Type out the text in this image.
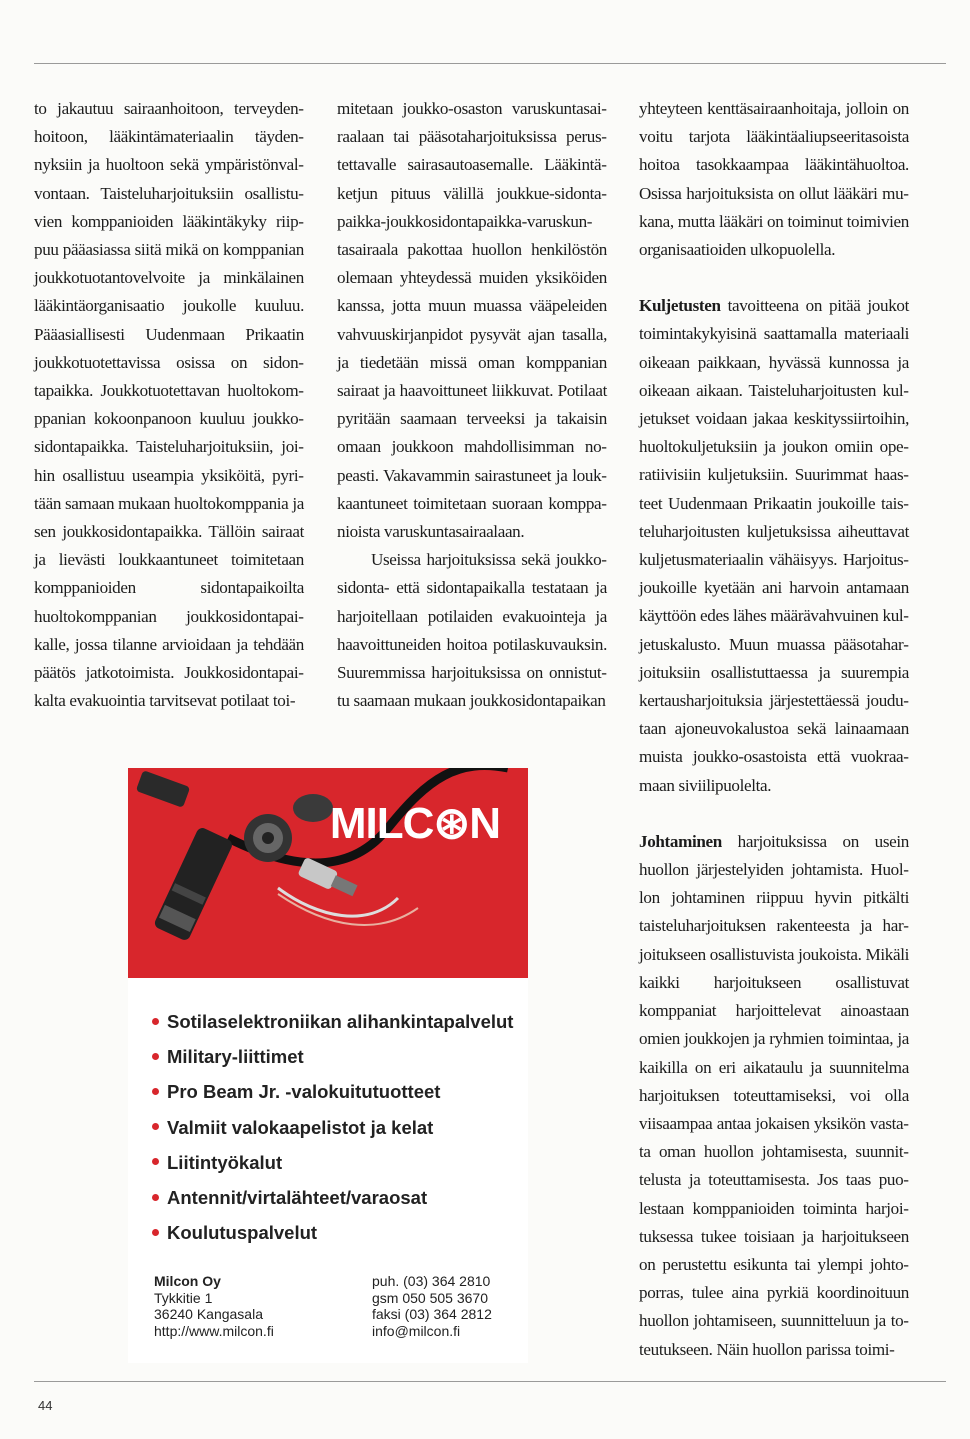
to jakautuu sairaanhoitoon, terveydenhoitoon, lääkintämateriaalin täydennyksiin ja huoltoon sekä ympäristönvalvontaan. Taisteluharjoituksiin osallistuvien komppanioiden lääkintäkyky riippuu pääasiassa siitä mikä on komppanian joukkotuotantovelvoite ja minkälainen lääkintäorganisaatio joukolle kuuluu. Pääasiallisesti Uudenmaan Prikaatin joukkotuotettavissa osissa on sidontapaikka. Joukkotuotettavan huoltokomppanian kokoonpanoon kuuluu joukkosidontapaikka. Taisteluharjoituksiin, joihin osallistuu useampia yksiköitä, pyritään samaan mukaan huoltokomppania ja sen joukkosidontapaikka. Tällöin sairaat ja lievästi loukkaantuneet toimitetaan komppanioiden sidontapaikoilta huoltokomppanian joukkosidontapaikalle, jossa tilanne arvioidaan ja tehdään päätös jatkotoimista. Joukkosidontapaikalta evakuointia tarvitsevat potilaat toi-

mitetaan joukko-osaston varuskuntasairaalaan tai pääsotaharjoituksissa perustettavalle sairasautoasemalle. Lääkintäketjun pituus välillä joukkue-sidontapaikka-joukkosidontapaikka-varuskuntasairaala pakottaa huollon henkilöstön olemaan yhteydessä muiden yksiköiden kanssa, jotta muun muassa vääpeleiden vahvuuskirjanpidot pysyvät ajan tasalla, ja tiedetään missä oman komppanian sairaat ja haavoittuneet liikkuvat. Potilaat pyritään saamaan terveeksi ja takaisin omaan joukkoon mahdollisimman nopeasti. Vakavammin sairastuneet ja loukkaantuneet toimitetaan suoraan komppanioista varuskuntasairaalaan.

Useissa harjoituksissa sekä joukkosidonta- että sidontapaikalla testataan ja harjoitellaan potilaiden evakuointeja ja haavoittuneiden hoitoa potilaskuvauksin. Suuremmissa harjoituksissa on onnistuttu saamaan mukaan joukkosidontapaikan

yhteyteen kenttäsairaanhoitaja, jolloin on voitu tarjota lääkintäaliupseeritasoista hoitoa tasokkaampaa lääkintähuoltoa. Osissa harjoituksista on ollut lääkäri mukana, mutta lääkäri on toiminut toimivien organisaatioiden ulkopuolella.

Kuljetusten tavoitteena on pitää joukot toimintakykyisinä saattamalla materiaali oikeaan paikkaan, hyvässä kunnossa ja oikeaan aikaan. Taisteluharjoitusten kuljetukset voidaan jakaa keskityssiirtoihin, huoltokuljetuksiin ja joukon omiin operatiivisiin kuljetuksiin. Suurimmat haasteet Uudenmaan Prikaatin joukoille taisteluharjoitusten kuljetuksissa aiheuttavat kuljetusmateriaalin vähäisyys. Harjoitusjoukoille kyetään ani harvoin antamaan käyttöön edes lähes määrävahvuinen kuljetuskalusto. Muun muassa pääsotaharjoituksiin osallistuttaessa ja suurempia kertausharjoituksia järjestettäessä joudutaan ajoneuvokalustoa sekä lainaamaan muista joukko-osastoista että vuokraamaan siviilipuolelta.

Johtaminen harjoituksissa on usein huollon järjestelyiden johtamista. Huollon johtaminen riippuu hyvin pitkälti taisteluharjoituksen rakenteesta ja harjoitukseen osallistuvista joukoista. Mikäli kaikki harjoitukseen osallistuvat komppaniat harjoittelevat ainoastaan omien joukkojen ja ryhmien toimintaa, ja kaikilla on eri aikataulu ja suunnitelma harjoituksen toteuttamiseksi, voi olla viisaampaa antaa jokaisen yksikön vastata oman huollon johtamisesta, suunnittelusta ja toteuttamisesta. Jos taas puolestaan komppanioiden toiminta harjoituksessa tukee toisiaan ja harjoitukseen on perustettu esikunta tai ylempi johtoporras, tulee aina pyrkiä koordinoituun huollon johtamiseen, suunnitteluun ja toteutukseen. Näin huollon parissa toimi-

MILC⊛N
Sotilaselektroniikan alihankintapalvelut
Military-liittimet
Pro Beam Jr. -valokuitutuotteet
Valmiit valokaapelistot ja kelat
Liitintyökalut
Antennit/virtalähteet/varaosat
Koulutuspalvelut
Milcon Oy
Tykkitie 1
36240 Kangasala
http://www.milcon.fi
puh. (03) 364 2810
gsm 050 505 3670
faksi (03) 364 2812
info@milcon.fi
44
